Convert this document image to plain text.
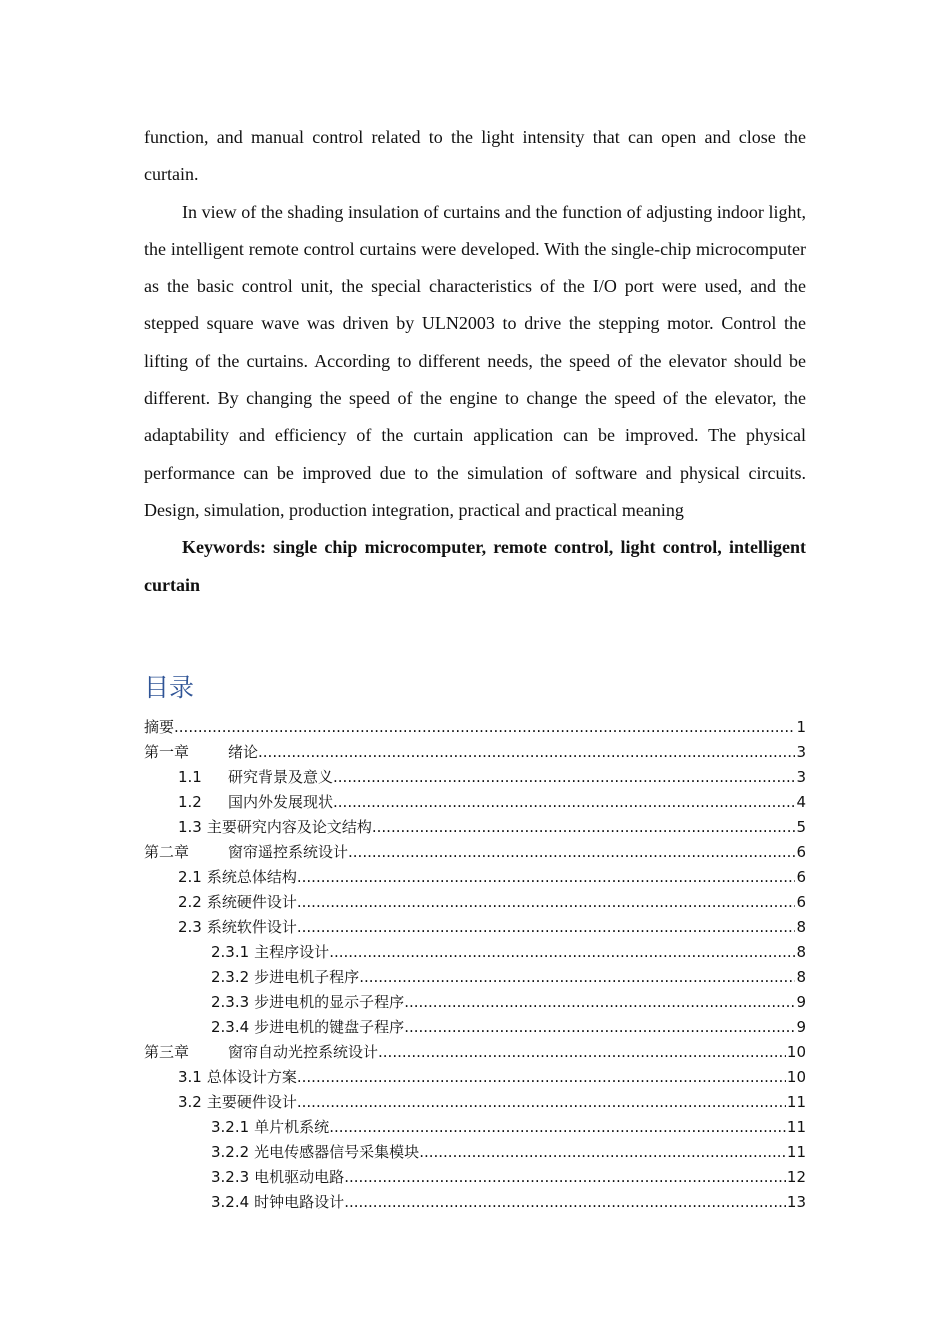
function, and manual control related to the light intensity that can open and close the curtain.

In view of the shading insulation of curtains and the function of adjusting indoor light, the intelligent remote control curtains were developed. With the single-chip microcomputer as the basic control unit, the special characteristics of the I/O port were used, and the stepped square wave was driven by ULN2003 to drive the stepping motor. Control the lifting of the curtains. According to different needs, the speed of the elevator should be different. By changing the speed of the engine to change the speed of the elevator, the adaptability and efficiency of the curtain application can be improved. The physical performance can be improved due to the simulation of software and physical circuits. Design, simulation, production integration, practical and practical meaning

Keywords: single chip microcomputer, remote control, light control, intelligent curtain

目录
摘要 .....	1
第一章	绪论 .....	3
1.1	研究背景及意义 .....	3
1.2	国内外发展现状 .....	4
1.3 主要研究内容及论文结构 .....	5
第二章	窗帘遥控系统设计 .....	6
2.1 系统总体结构 .....	6
2.2 系统硬件设计 .....	6
2.3 系统软件设计 .....	8
2.3.1 主程序设计 .....	8
2.3.2 步进电机子程序 .....	8
2.3.3 步进电机的显示子程序 .....	9
2.3.4 步进电机的键盘子程序 .....	9
第三章	窗帘自动光控系统设计 .....	10
3.1 总体设计方案 .....	10
3.2 主要硬件设计 .....	11
3.2.1 单片机系统 .....	11
3.2.2 光电传感器信号采集模块 .....	11
3.2.3 电机驱动电路 .....	12
3.2.4 时钟电路设计 .....	13
